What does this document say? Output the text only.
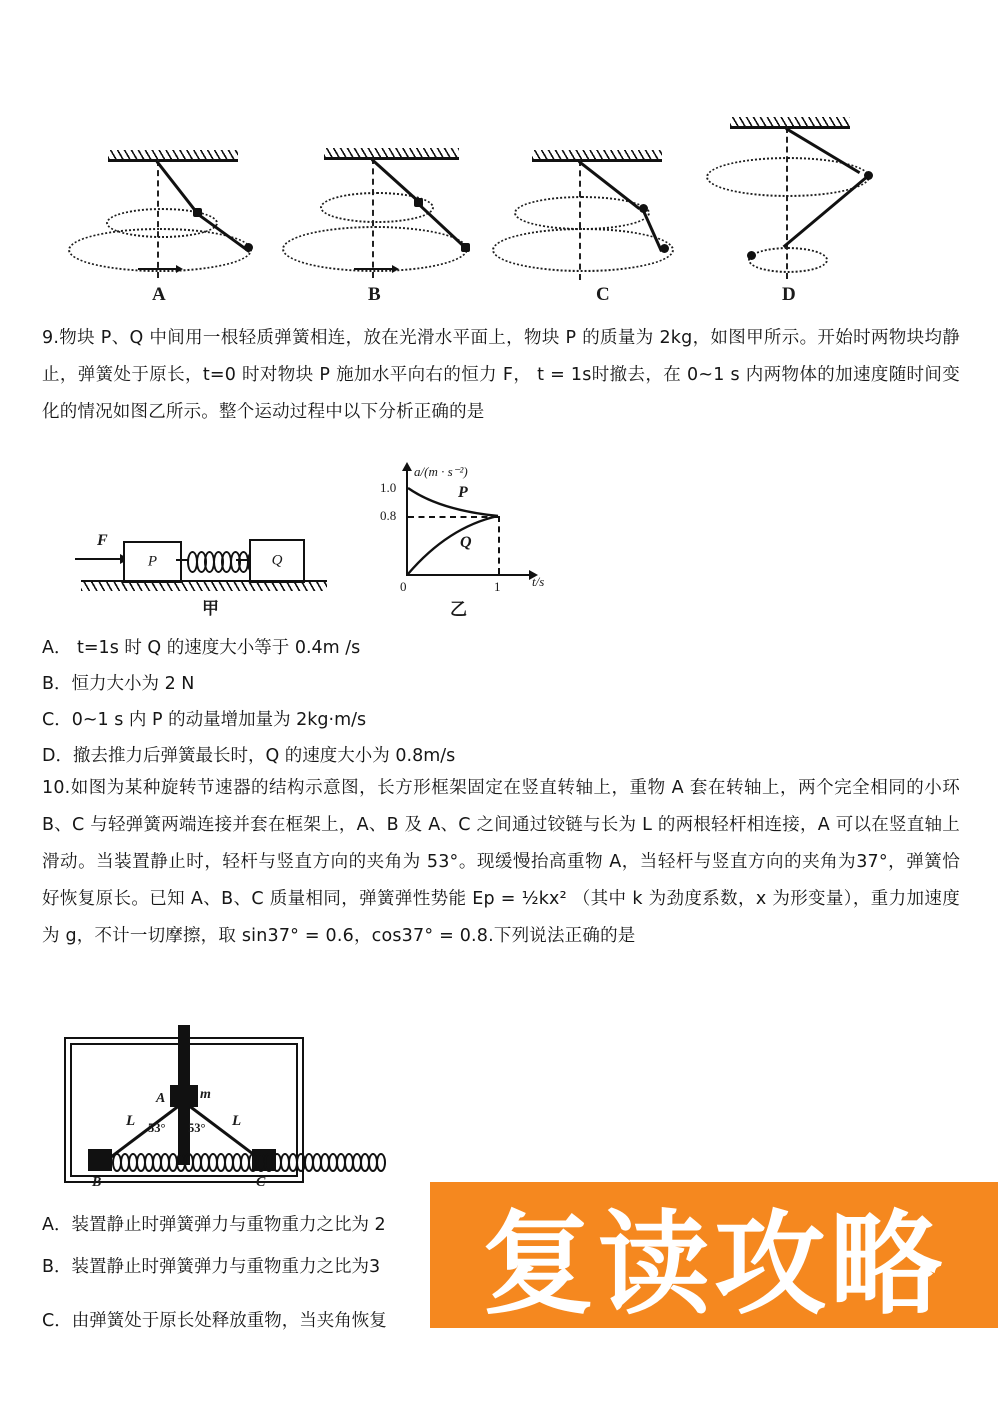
A	B	C	D
9.物块 P、Q 中间用一根轻质弹簧相连，放在光滑水平面上，物块 P 的质量为 2kg，如图甲所示。开始时两物块均静止，弹簧处于原长，t=0 时对物块 P 施加水平向右的恒力 F， t = 1s时撤去，在 0~1 s 内两物体的加速度随时间变化的情况如图乙所示。整个运动过程中以下分析正确的是
F
P	Q
甲
a/(m · s⁻²)
t/s
1.0
0.8
0	1
P
Q
乙
A． t=1s 时 Q 的速度大小等于 0.4m /s
B．恒力大小为 2 N
C．0~1 s 内 P 的动量增加量为 2kg·m/s
D．撤去推力后弹簧最长时，Q 的速度大小为 0.8m/s
10.如图为某种旋转节速器的结构示意图，长方形框架固定在竖直转轴上，重物 A 套在转轴上，两个完全相同的小环 B、C 与轻弹簧两端连接并套在框架上，A、B 及 A、C 之间通过铰链与长为 L 的两根轻杆相连接，A 可以在竖直轴上滑动。当装置静止时，轻杆与竖直方向的夹角为 53°。现缓慢抬高重物 A，当轻杆与竖直方向的夹角为37°，弹簧恰好恢复原长。已知 A、B、C 质量相同，弹簧弹性势能 Ep = ½kx² （其中 k 为劲度系数，x 为形变量），重力加速度为 g，不计一切摩擦，取 sin37° = 0.6，cos37° = 0.8.下列说法正确的是
A m
L	L
53° 53°
B	C
A．装置静止时弹簧弹力与重物重力之比为 2
B．装置静止时弹簧弹力与重物重力之比为3
C．由弹簧处于原长处释放重物，当夹角恢复 复读攻略
